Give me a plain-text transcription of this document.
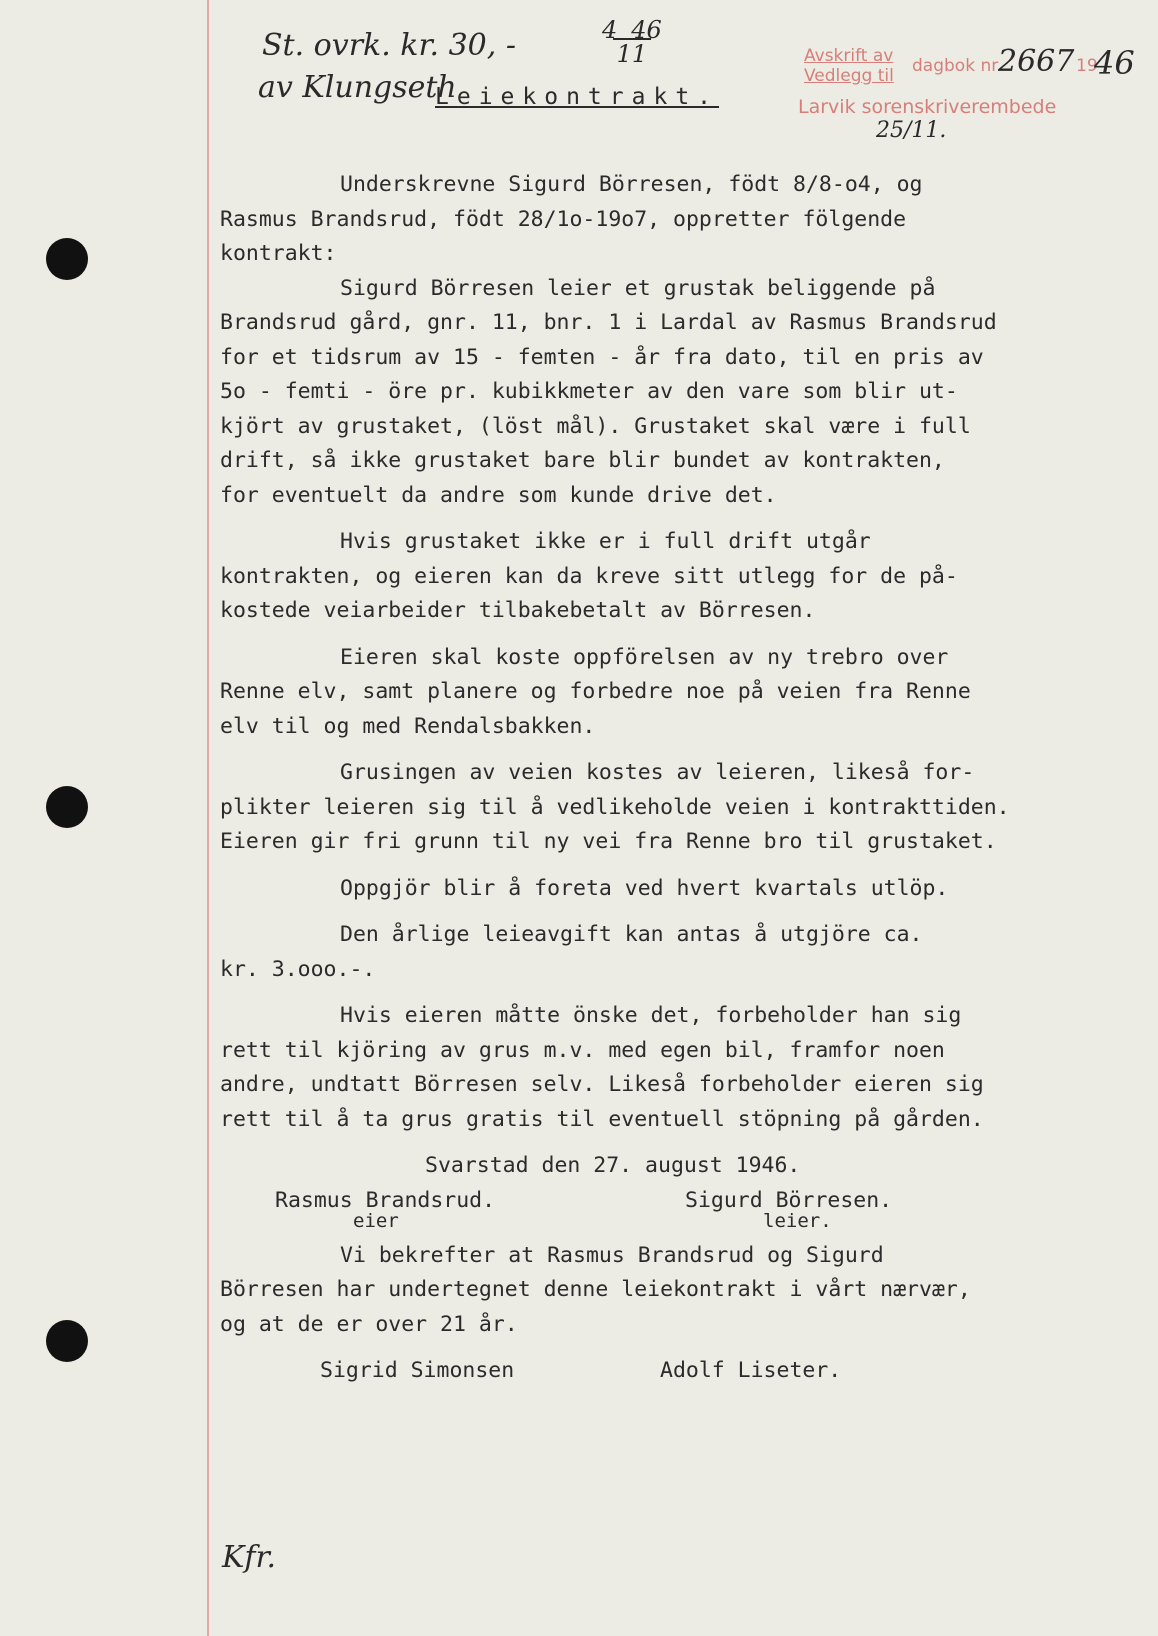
St. ovrk. kr. 30, -	4 46
11
av Klungseth
Avskrift av
Vedlegg til dagbok nr 2667 19
46
Larvik sorenskriverembede
25/11.
Leiekontrakt.

Underskrevne Sigurd Börresen, födt 8/8-o4, og

Rasmus Brandsrud, födt 28/1o-19o7, oppretter fölgende

kontrakt:

Sigurd Börresen leier et grustak beliggende på

Brandsrud gård, gnr. 11, bnr. 1 i Lardal av Rasmus Brandsrud

for et tidsrum av 15 - femten - år fra dato, til en pris av

5o - femti - öre pr. kubikkmeter av den vare som blir ut-

kjört av grustaket, (löst mål). Grustaket skal være i full

drift, så ikke grustaket bare blir bundet av kontrakten,

for eventuelt da andre som kunde drive det.

Hvis grustaket ikke er i full drift utgår

kontrakten, og eieren kan da kreve sitt utlegg for de på-

kostede veiarbeider tilbakebetalt av Börresen.

Eieren skal koste oppförelsen av ny trebro over

Renne elv, samt planere og forbedre noe på veien fra Renne

elv til og med Rendalsbakken.

Grusingen av veien kostes av leieren, likeså for-

plikter leieren sig til å vedlikeholde veien i kontrakttiden.

Eieren gir fri grunn til ny vei fra Renne bro til grustaket.

Oppgjör blir å foreta ved hvert kvartals utlöp.

Den årlige leieavgift kan antas å utgjöre ca.

kr. 3.ooo.-.

Hvis eieren måtte önske det, forbeholder han sig

rett til kjöring av grus m.v. med egen bil, framfor noen

andre, undtatt Börresen selv. Likeså forbeholder eieren sig

rett til å ta grus gratis til eventuell stöpning på gården.

Svarstad den 27. august 1946.

Rasmus Brandsrud.
eier
Sigurd Börresen.
leier.

Vi bekrefter at Rasmus Brandsrud og Sigurd

Börresen har undertegnet denne leiekontrakt i vårt nærvær,

og at de er over 21 år.

Sigrid Simonsen	Adolf Liseter.
Kfr.
